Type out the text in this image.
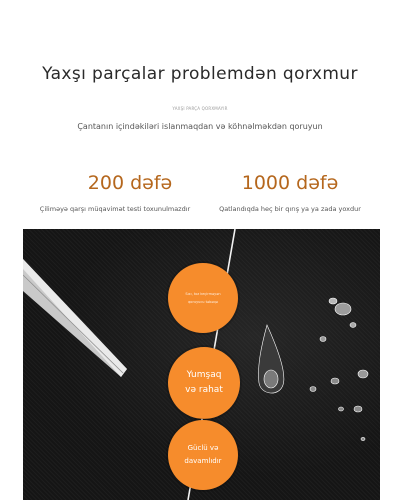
Yaxşı parçalar problemdən qorxmur
YAXŞI PARÇA QORXMAYIR
Çantanın içindəkiləri islanmaqdan və köhnəlməkdən qoruyun
200 dəfə	1000 dəfə
Çiliməyə qarşı müqavimət testi toxunulmazdır	Qatlandıqda heç bir qırış ya ya zada yoxdur
Sıxı, toz keçirməyən
qoruyucu təbəqə
Yumşaq
və rahat
Güclü və
davamlıdır
